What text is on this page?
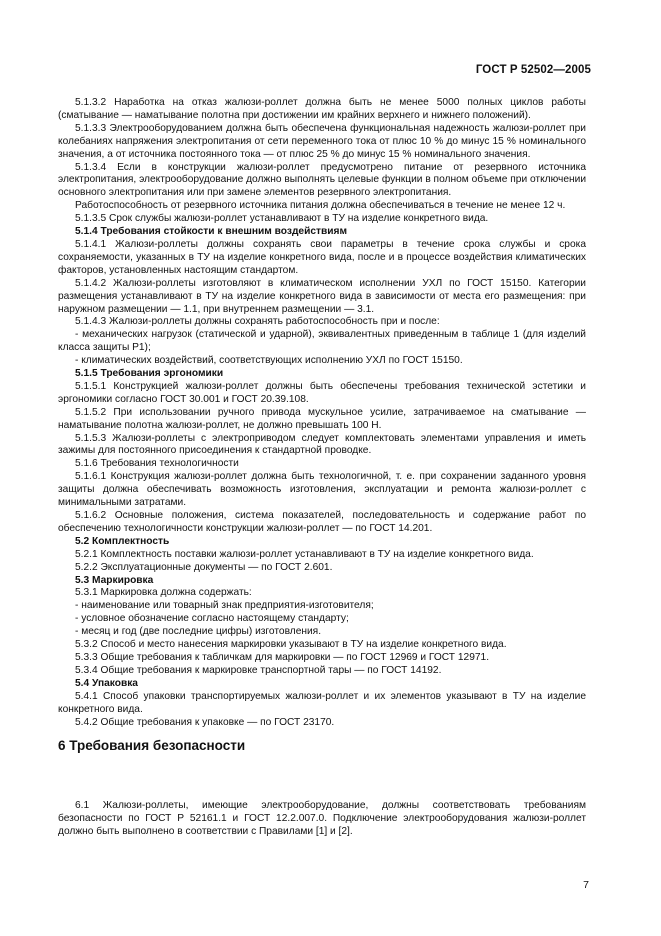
ГОСТ Р 52502—2005

5.1.3.2 Наработка на отказ жалюзи-роллет должна быть не менее 5000 полных циклов работы (сматывание — наматывание полотна при достижении им крайних верхнего и нижнего положений).

5.1.3.3 Электрооборудованием должна быть обеспечена функциональная надежность жалюзи-роллет при колебаниях напряжения электропитания от сети переменного тока от плюс 10 % до минус 15 % номинального значения, а от источника постоянного тока — от плюс 25 % до минус 15 % номинального значения.

5.1.3.4 Если в конструкции жалюзи-роллет предусмотрено питание от резервного источника электропитания, электрооборудование должно выполнять целевые функции в полном объеме при отключении основного электропитания или при замене элементов резервного электропитания.

Работоспособность от резервного источника питания должна обеспечиваться в течение не менее 12 ч.

5.1.3.5 Срок службы жалюзи-роллет устанавливают в ТУ на изделие конкретного вида.

5.1.4 Требования стойкости к внешним воздействиям

5.1.4.1 Жалюзи-роллеты должны сохранять свои параметры в течение срока службы и срока сохраняемости, указанных в ТУ на изделие конкретного вида, после и в процессе воздействия климатических факторов, установленных настоящим стандартом.

5.1.4.2 Жалюзи-роллеты изготовляют в климатическом исполнении УХЛ по ГОСТ 15150. Категории размещения устанавливают в ТУ на изделие конкретного вида в зависимости от места его размещения: при наружном размещении — 1.1, при внутреннем размещении — 3.1.

5.1.4.3 Жалюзи-роллеты должны сохранять работоспособность при и после:

- механических нагрузок (статической и ударной), эквивалентных приведенным в таблице 1 (для изделий класса защиты Р1);

- климатических воздействий, соответствующих исполнению УХЛ по ГОСТ 15150.

5.1.5 Требования эргономики

5.1.5.1 Конструкцией жалюзи-роллет должны быть обеспечены требования технической эстетики и эргономики согласно ГОСТ 30.001 и ГОСТ 20.39.108.

5.1.5.2 При использовании ручного привода мускульное усилие, затрачиваемое на сматывание — наматывание полотна жалюзи-роллет, не должно превышать 100 Н.

5.1.5.3 Жалюзи-роллеты с электроприводом следует комплектовать элементами управления и иметь зажимы для постоянного присоединения к стандартной проводке.

5.1.6 Требования технологичности

5.1.6.1 Конструкция жалюзи-роллет должна быть технологичной, т. е. при сохранении заданного уровня защиты должна обеспечивать возможность изготовления, эксплуатации и ремонта жалюзи-роллет с минимальными затратами.

5.1.6.2 Основные положения, система показателей, последовательность и содержание работ по обеспечению технологичности конструкции жалюзи-роллет — по ГОСТ 14.201.

5.2 Комплектность

5.2.1 Комплектность поставки жалюзи-роллет устанавливают в ТУ на изделие конкретного вида.

5.2.2 Эксплуатационные документы — по ГОСТ 2.601.

5.3 Маркировка

5.3.1 Маркировка должна содержать:

- наименование или товарный знак предприятия-изготовителя;

- условное обозначение согласно настоящему стандарту;

- месяц и год (две последние цифры) изготовления.

5.3.2 Способ и место нанесения маркировки указывают в ТУ на изделие конкретного вида.

5.3.3 Общие требования к табличкам для маркировки — по ГОСТ 12969 и ГОСТ 12971.

5.3.4 Общие требования к маркировке транспортной тары — по ГОСТ 14192.

5.4 Упаковка

5.4.1 Способ упаковки транспортируемых жалюзи-роллет и их элементов указывают в ТУ на изделие конкретного вида.

5.4.2 Общие требования к упаковке — по ГОСТ 23170.

6 Требования безопасности

6.1 Жалюзи-роллеты, имеющие электрооборудование, должны соответствовать требованиям безопасности по ГОСТ Р 52161.1 и ГОСТ 12.2.007.0. Подключение электрооборудования жалюзи-роллет должно быть выполнено в соответствии с Правилами [1] и [2].

7
